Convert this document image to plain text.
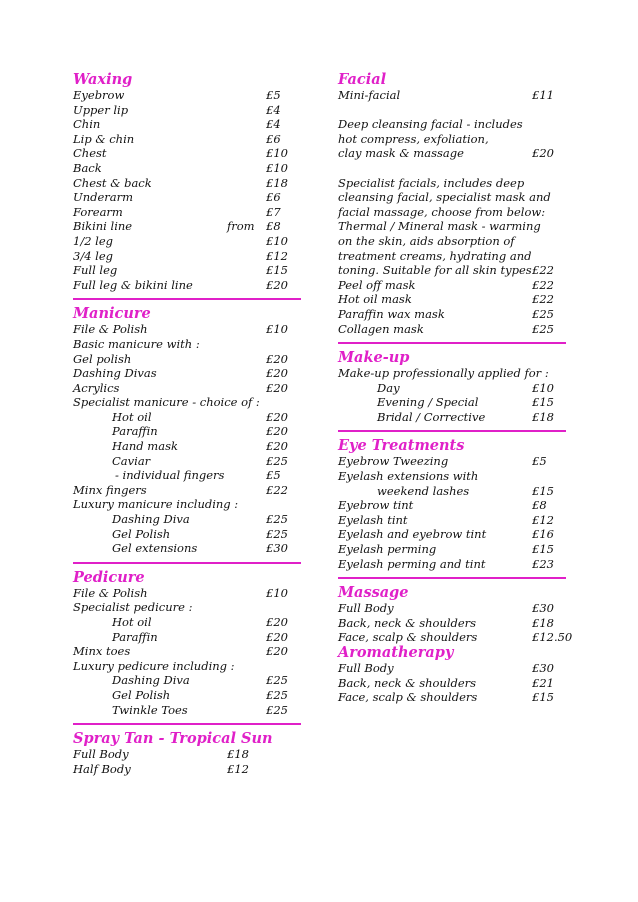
Waxing
Eyebrow	£5
Upper lip	£4
Chin	£4
Lip & chin	£6
Chest	£10
Back	£10
Chest & back	£18
Underarm	£6
Forearm	£7
Bikini line	from £8
1/2 leg	£10
3/4 leg	£12
Full leg	£15
Full leg & bikini line	£20
Manicure
File & Polish	£10
Basic manicure with :
Gel polish	£20
Dashing Divas	£20
Acrylics	£20
Specialist manicure - choice of :
Hot oil	£20
Paraffin	£20
Hand mask	£20
Caviar	£25
- individual fingers	£5
Minx fingers	£22
Luxury manicure including :
Dashing Diva	£25
Gel Polish	£25
Gel extensions	£30
Pedicure
File & Polish	£10
Specialist pedicure :
Hot oil	£20
Paraffin	£20
Minx toes	£20
Luxury pedicure including :
Dashing Diva	£25
Gel Polish	£25
Twinkle Toes	£25
Spray Tan - Tropical Sun
Full Body	£18
Half Body	£12
Facial
Mini-facial	£11
Deep cleansing facial - includes
hot compress, exfoliation,
clay mask & massage	£20
Specialist facials, includes deep
cleansing facial, specialist mask and
facial massage, choose from below:
Thermal / Mineral mask - warming
on the skin, aids absorption of
treatment creams, hydrating and
toning. Suitable for all skin types £22
Peel off mask	£22
Hot oil mask	£22
Paraffin wax mask	£25
Collagen mask	£25
Make-up
Make-up professionally applied for :
Day	£10
Evening / Special	£15
Bridal / Corrective	£18
Eye Treatments
Eyebrow Tweezing	£5
Eyelash extensions with
weekend lashes	£15
Eyebrow tint	£8
Eyelash tint	£12
Eyelash and eyebrow tint	£16
Eyelash perming	£15
Eyelash perming and tint	£23
Massage
Full Body	£30
Back, neck & shoulders	£18
Face, scalp & shoulders	£12.50
Aromatherapy
Full Body	£30
Back, neck & shoulders	£21
Face, scalp & shoulders	£15
